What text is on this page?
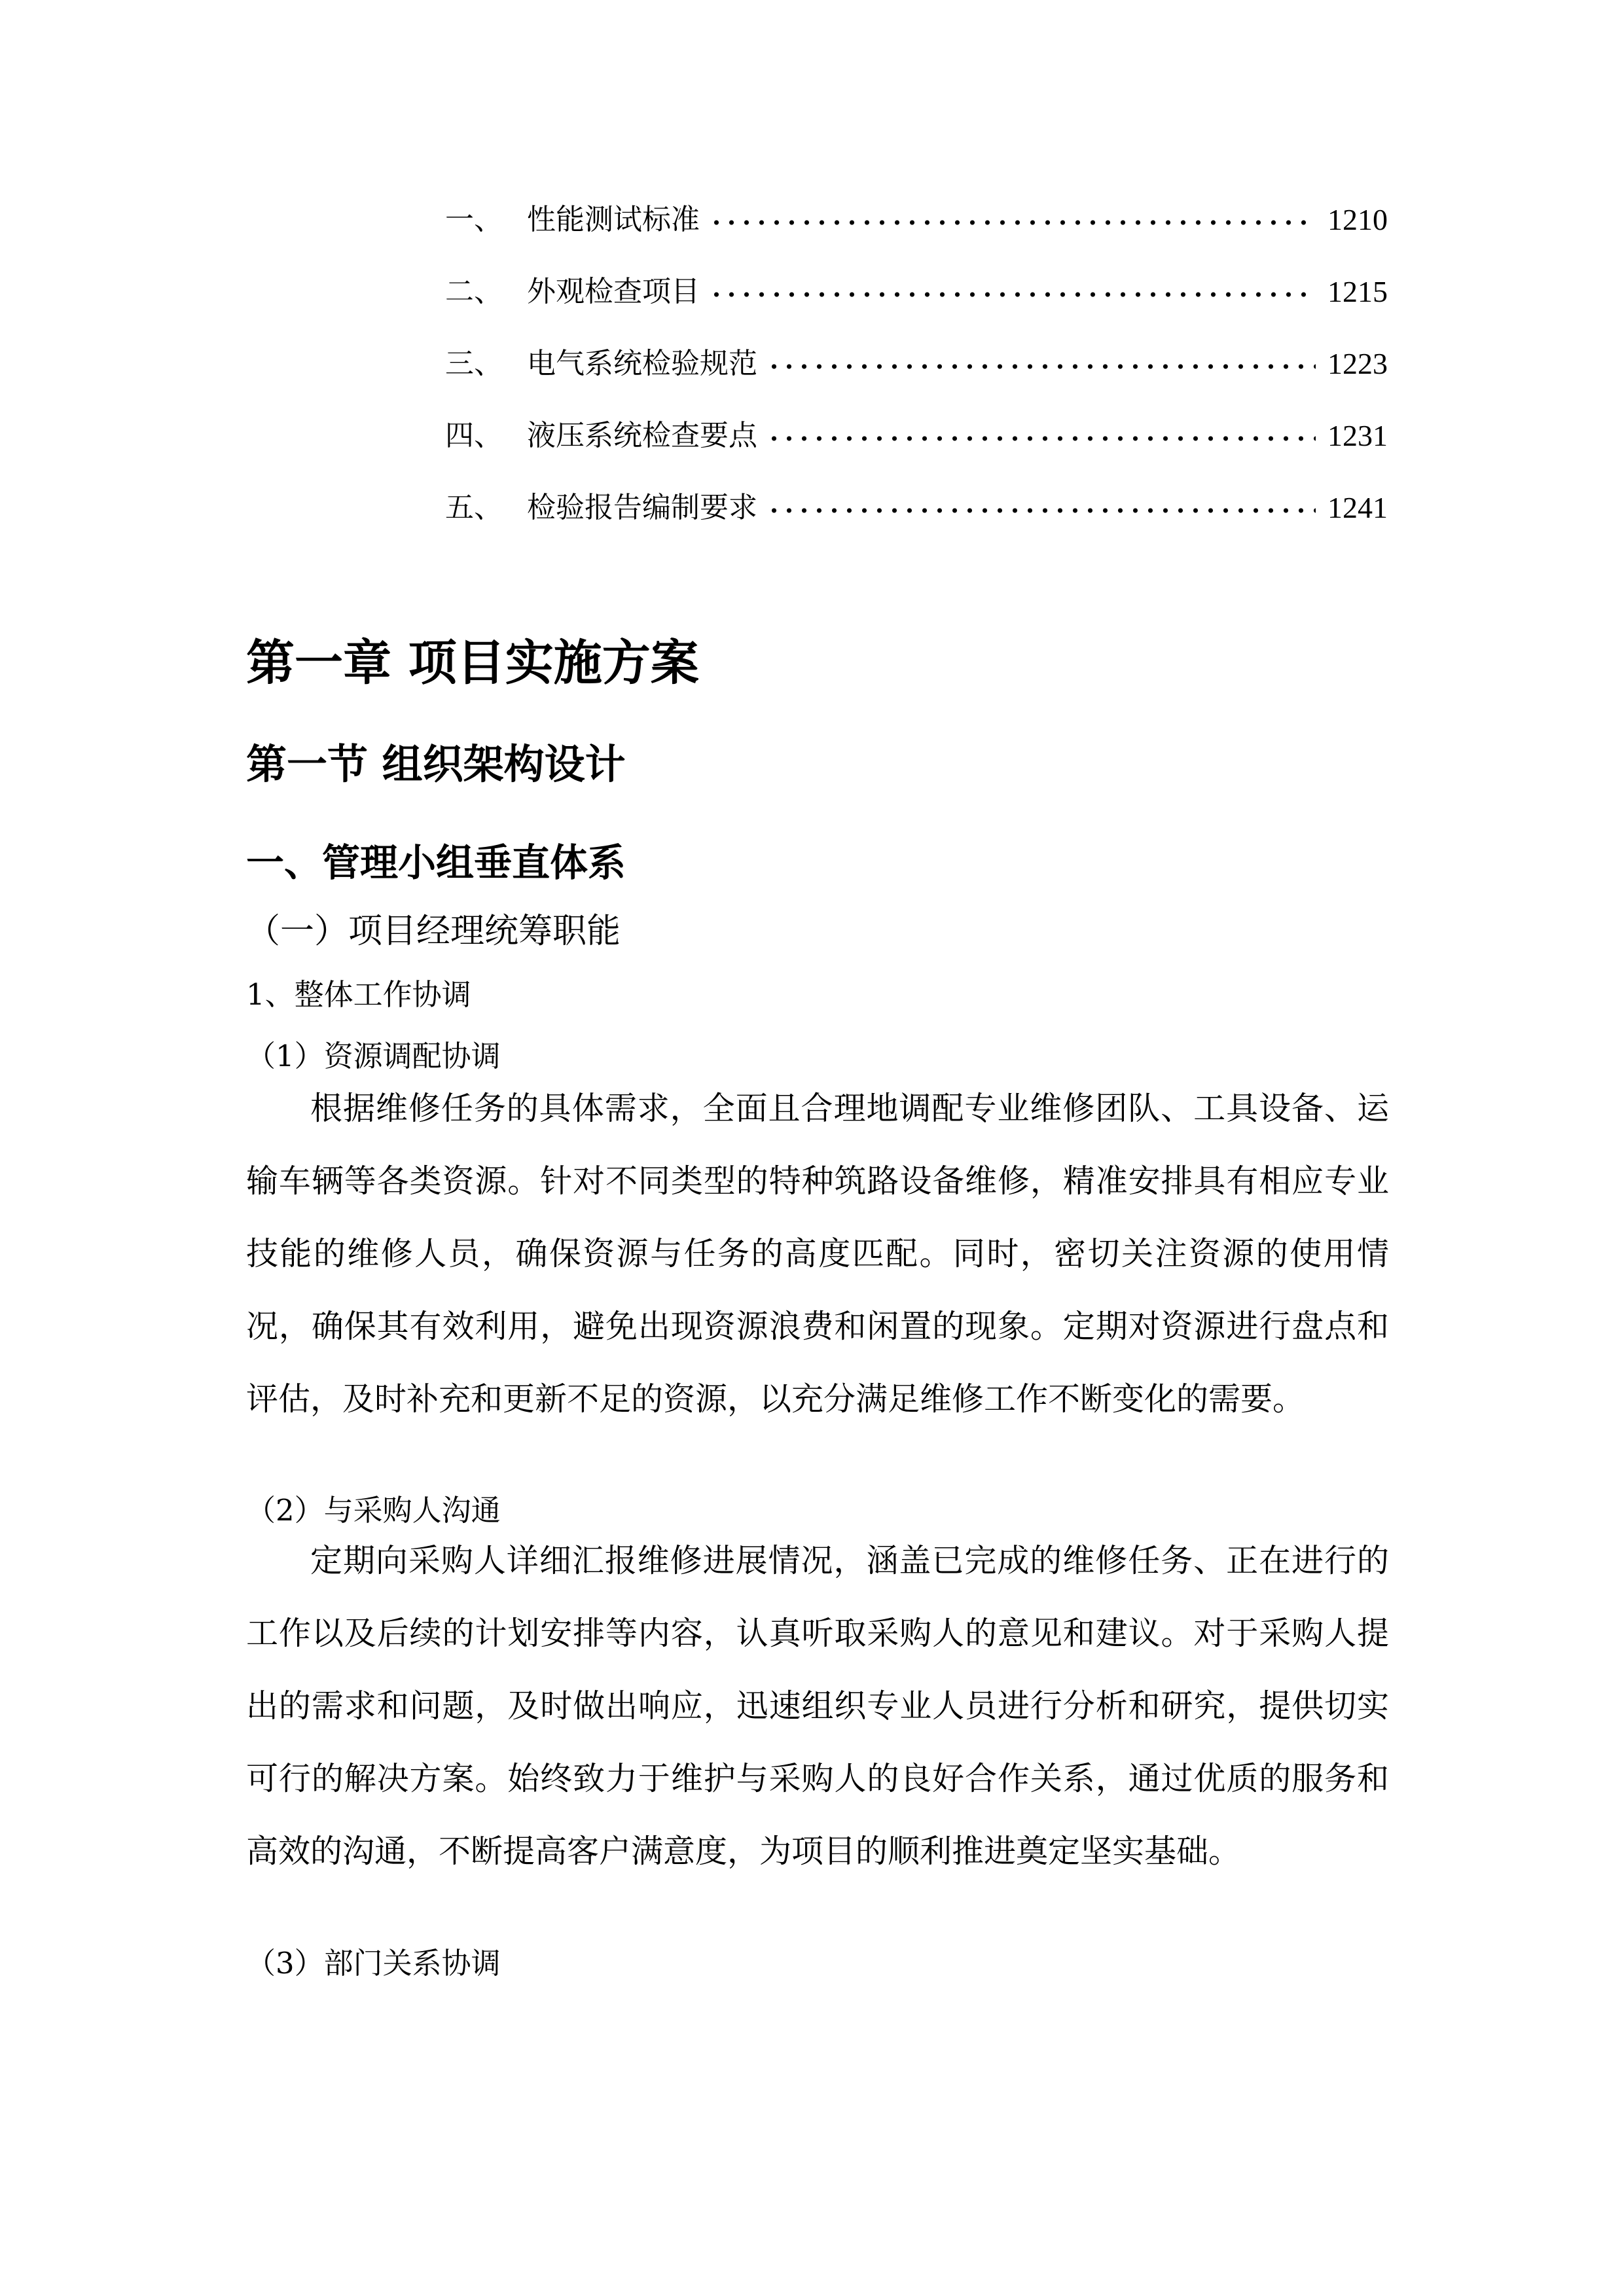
一、 性能测试标准	1210
二、 外观检查项目	1215
三、 电气系统检验规范	1223
四、 液压系统检查要点	1231
五、 检验报告编制要求	1241
第一章 项目实施方案
第一节 组织架构设计
一、管理小组垂直体系
（一）项目经理统筹职能
1、整体工作协调
（1）资源调配协调

根据维修任务的具体需求，全面且合理地调配专业维修团队、工具设备、运输车辆等各类资源。针对不同类型的特种筑路设备维修，精准安排具有相应专业技能的维修人员，确保资源与任务的高度匹配。同时，密切关注资源的使用情况，确保其有效利用，避免出现资源浪费和闲置的现象。定期对资源进行盘点和评估，及时补充和更新不足的资源，以充分满足维修工作不断变化的需要。

（2）与采购人沟通

定期向采购人详细汇报维修进展情况，涵盖已完成的维修任务、正在进行的工作以及后续的计划安排等内容，认真听取采购人的意见和建议。对于采购人提出的需求和问题，及时做出响应，迅速组织专业人员进行分析和研究，提供切实可行的解决方案。始终致力于维护与采购人的良好合作关系，通过优质的服务和高效的沟通，不断提高客户满意度，为项目的顺利推进奠定坚实基础。

（3）部门关系协调
